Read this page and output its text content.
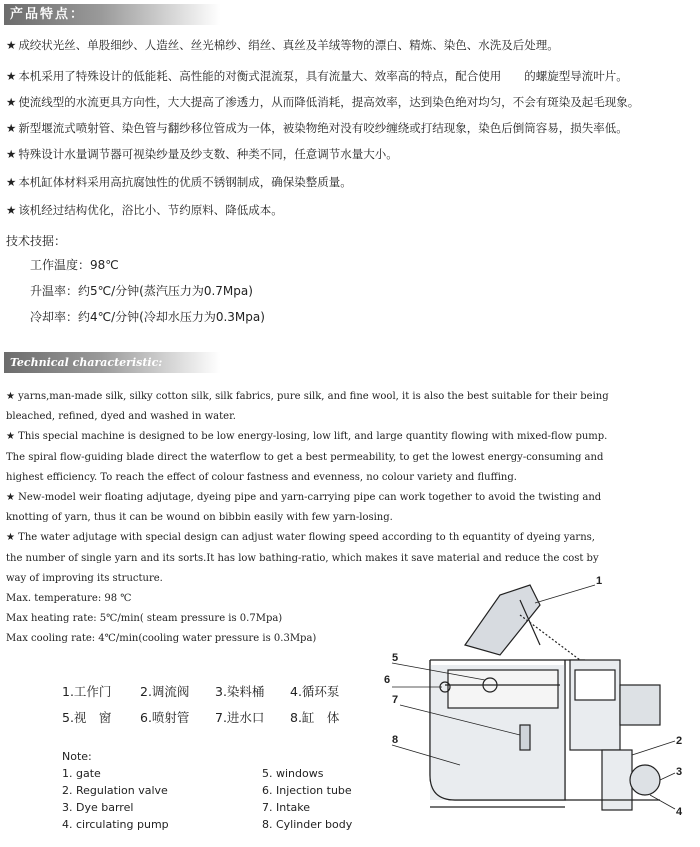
产品特点：
★ 成绞状光丝、单股细纱、人造丝、丝光棉纱、绢丝、真丝及羊绒等物的漂白、精炼、染色、水洗及后处理。
★ 本机采用了特殊设计的低能耗、高性能的对衡式混流泵，具有流量大、效率高的特点，配合使用　　的螺旋型导流叶片。
★ 使流线型的水流更具方向性，大大提高了渗透力，从而降低消耗，提高效率，达到染色绝对均匀，不会有斑染及起毛现象。
★ 新型堰流式喷射管、染色管与翻纱移位管成为一体，被染物绝对没有咬纱缠绕或打结现象，染色后倒筒容易，损失率低。
★ 特殊设计水量调节器可视染纱量及纱支数、种类不同，任意调节水量大小。
★ 本机缸体材料采用高抗腐蚀性的优质不锈钢制成，确保染整质量。
★ 该机经过结构优化，浴比小、节约原料、降低成本。
技术技据：
工作温度：98℃
升温率：约5℃/分钟(蒸汽压力为0.7Mpa)
冷却率：约4℃/分钟(冷却水压力为0.3Mpa)
Technical characteristic:

★ yarns,man-made silk, silky cotton silk, silk fabrics, pure silk, and fine wool, it is also the best suitable for their being

bleached, refined, dyed and washed in water.

★ This special machine is designed to be low energy-losing, low lift, and large quantity flowing with mixed-flow pump.

The spiral flow-guiding blade direct the waterflow to get a best permeability, to get the lowest energy-consuming and

highest efficiency. To reach the effect of colour fastness and evenness, no colour variety and fluffing.

★ New-model weir floating adjutage, dyeing pipe and yarn-carrying pipe can work together to avoid the twisting and

knotting of yarn, thus it can be wound on bibbin easily with few yarn-losing.

★ The water adjutage with special design can adjust water flowing speed according to th equantity of dyeing yarns,

the number of single yarn and its sorts.It has low bathing-ratio, which makes it save material and reduce the cost by

way of improving its structure.

Max. temperature: 98 ℃

Max heating rate: 5℃/min( steam pressure is 0.7Mpa)

Max cooling rate: 4℃/min(cooling water pressure is 0.3Mpa)

1.工作门 2.调流阀 3.染料桶 4.循环泵
5.视　窗 6.喷射管 7.进水口 8.缸　体
Note:
1. gate
2. Regulation valve
3. Dye barrel
4. circulating pump
5. windows
6. Injection tube
7. Intake
8. Cylinder body
1
2
3
4
5
6
7
8
